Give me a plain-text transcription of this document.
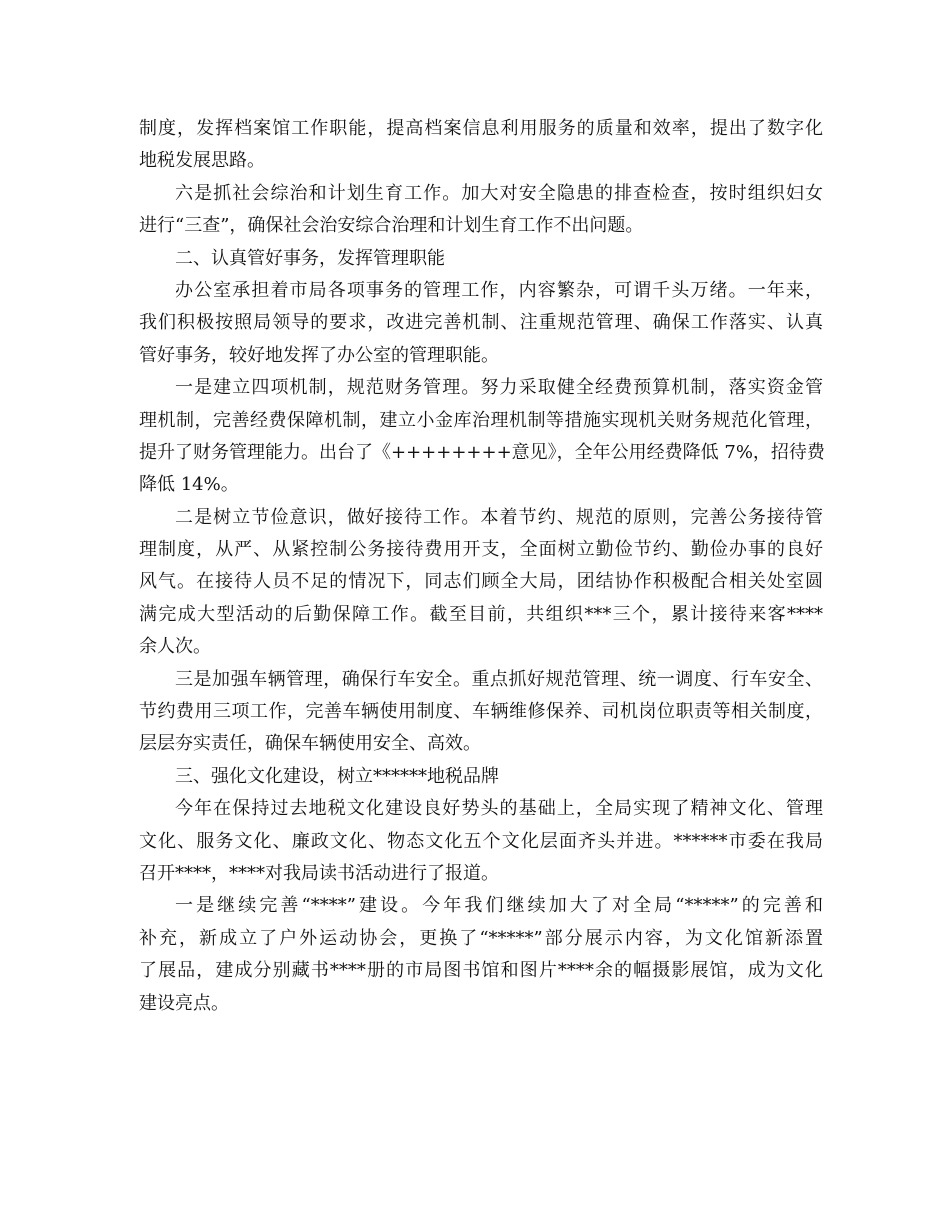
制度，发挥档案馆工作职能，提高档案信息利用服务的质量和效率，提出了数字化
地税发展思路。
六是抓社会综治和计划生育工作。加大对安全隐患的排查检查，按时组织妇女
进行“三查”，确保社会治安综合治理和计划生育工作不出问题。
二、认真管好事务，发挥管理职能
办公室承担着市局各项事务的管理工作，内容繁杂，可谓千头万绪。一年来，
我们积极按照局领导的要求，改进完善机制、注重规范管理、确保工作落实、认真
管好事务，较好地发挥了办公室的管理职能。
一是建立四项机制，规范财务管理。努力采取健全经费预算机制，落实资金管
理机制，完善经费保障机制，建立小金库治理机制等措施实现机关财务规范化管理，
提升了财务管理能力。出台了《++++++++意见》，全年公用经费降低 7%，招待费
降低 14%。
二是树立节俭意识，做好接待工作。本着节约、规范的原则，完善公务接待管
理制度，从严、从紧控制公务接待费用开支，全面树立勤俭节约、勤俭办事的良好
风气。在接待人员不足的情况下，同志们顾全大局，团结协作积极配合相关处室圆
满完成大型活动的后勤保障工作。截至目前，共组织***三个，累计接待来客****
余人次。
三是加强车辆管理，确保行车安全。重点抓好规范管理、统一调度、行车安全、
节约费用三项工作，完善车辆使用制度、车辆维修保养、司机岗位职责等相关制度，
层层夯实责任，确保车辆使用安全、高效。
三、强化文化建设，树立******地税品牌
今年在保持过去地税文化建设良好势头的基础上，全局实现了精神文化、管理
文化、服务文化、廉政文化、物态文化五个文化层面齐头并进。******市委在我局
召开****，****对我局读书活动进行了报道。
一是继续完善“****”建设。今年我们继续加大了对全局“*****”的完善和
补充，新成立了户外运动协会，更换了“*****”部分展示内容，为文化馆新添置
了展品，建成分别藏书****册的市局图书馆和图片****余的幅摄影展馆，成为文化
建设亮点。
